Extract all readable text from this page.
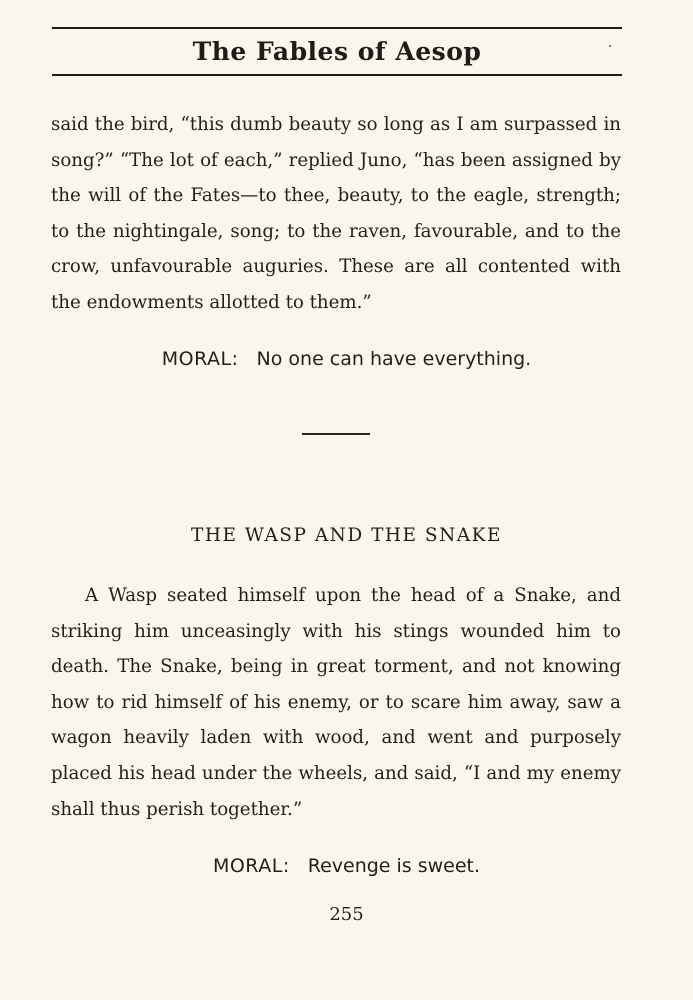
The Fables of Aesop

said the bird, “this dumb beauty so long as I am surpassed in song?” “The lot of each,” replied Juno, “has been assigned by the will of the Fates—to thee, beauty, to the eagle, strength; to the nightingale, song; to the raven, favourable, and to the crow, unfavourable auguries. These are all contented with the endowments allotted to them.”

MORAL: No one can have everything.
THE WASP AND THE SNAKE

A Wasp seated himself upon the head of a Snake, and striking him unceasingly with his stings wounded him to death. The Snake, being in great torment, and not knowing how to rid himself of his enemy, or to scare him away, saw a wagon heavily laden with wood, and went and purposely placed his head under the wheels, and said, “I and my enemy shall thus perish together.”

MORAL: Revenge is sweet.
255
